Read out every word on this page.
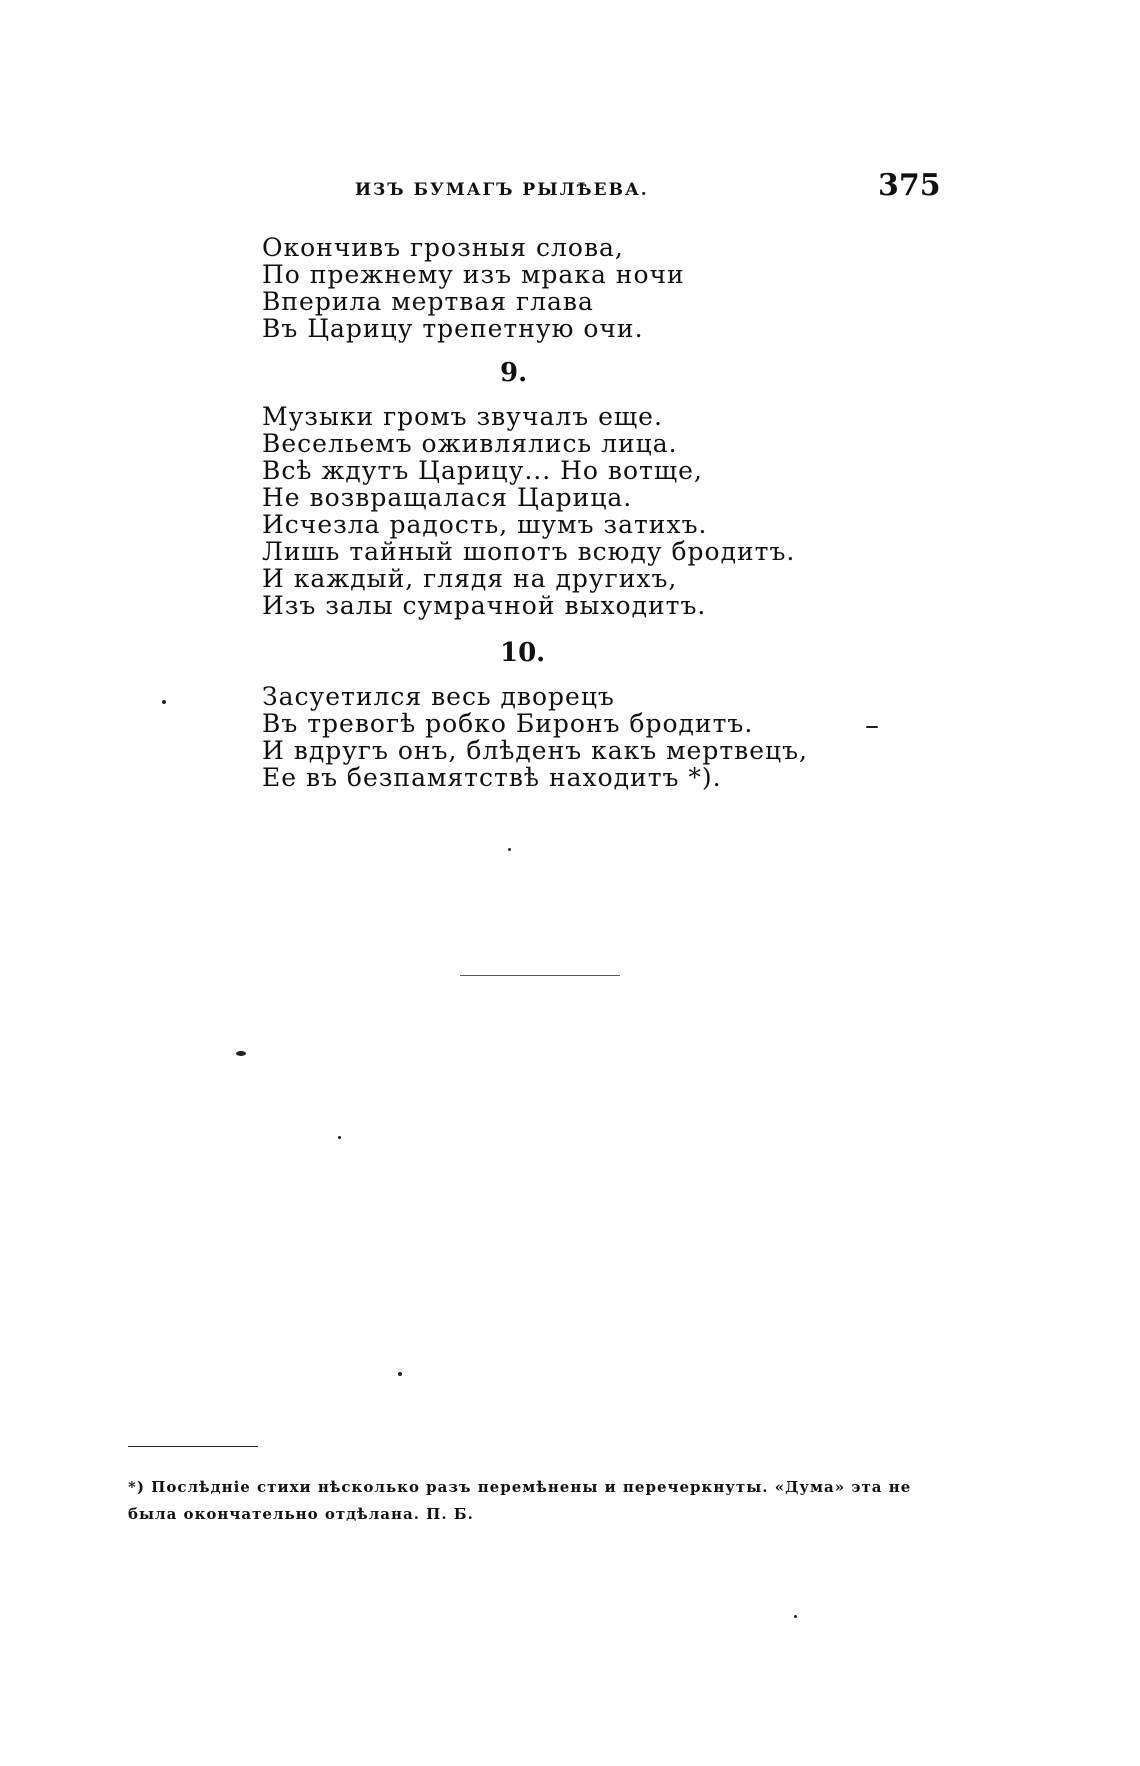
ИЗЪ БУМАГЪ РЫЛѢЕВА.	375
Окончивъ грозныя слова,
По прежнему изъ мрака ночи
Вперила мертвая глава
Въ Царицу трепетную очи.
9.
Музыки громъ звучалъ еще.
Весельемъ оживлялись лица.
Всѣ ждутъ Царицу... Но вотще,
Не возвращалася Царица.
Исчезла радость, шумъ затихъ.
Лишь тайный шопотъ всюду бродитъ.
И каждый, глядя на другихъ,
Изъ залы сумрачной выходитъ.
10.
Засуетился весь дворецъ
Въ тревогѣ робко Биронъ бродитъ.
И вдругъ онъ, блѣденъ какъ мертвецъ,
Ее въ безпамятствѣ находитъ *).
*) Послѣдніе стихи нѣсколько разъ перемѣнены и перечеркнуты. «Дума» эта не была окончательно отдѣлана. П. Б.
